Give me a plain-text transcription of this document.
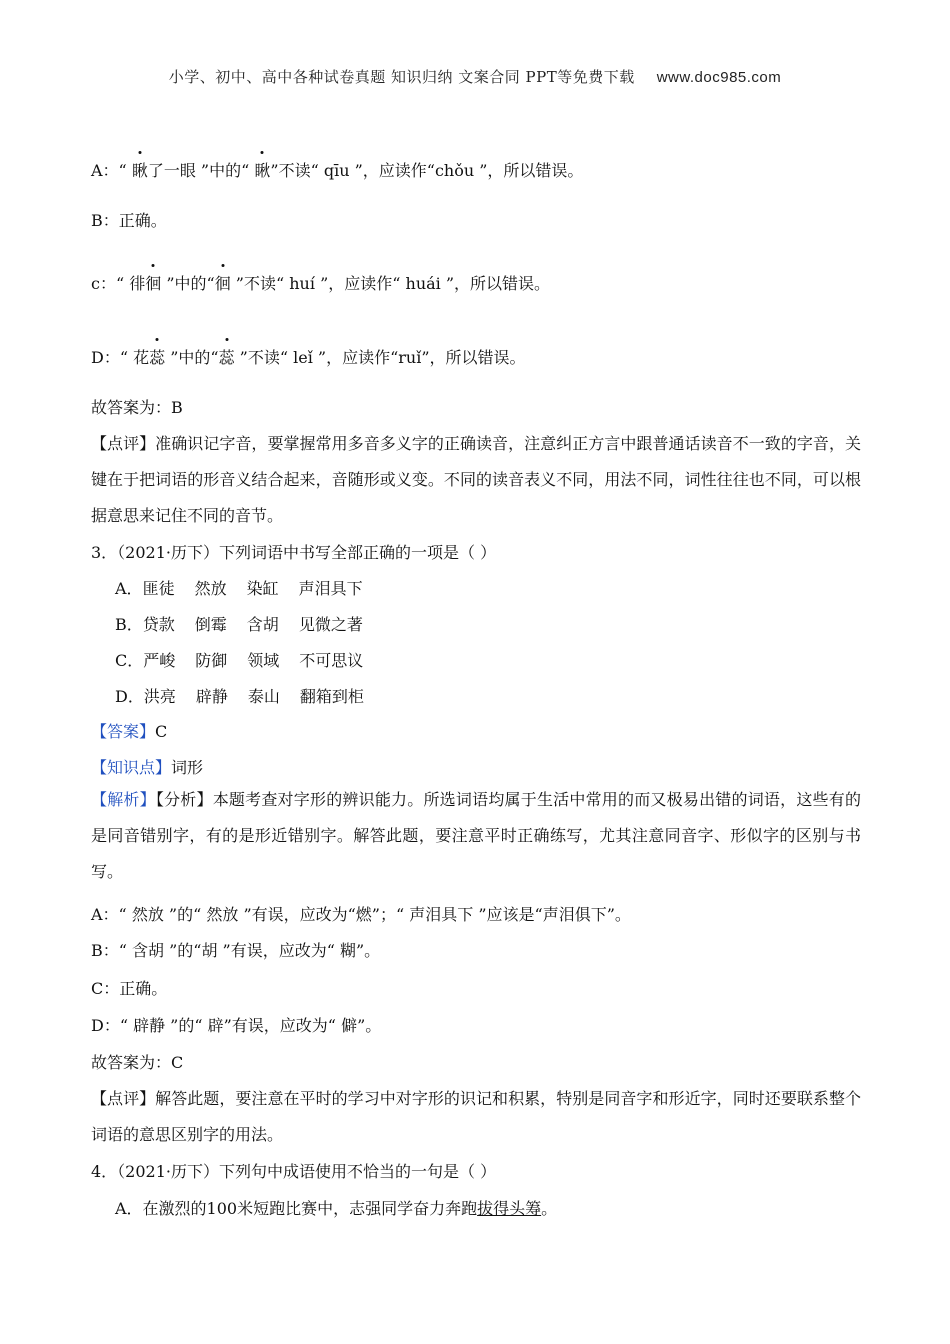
小学、初中、高中各种试卷真题 知识归纳 文案合同 PPT等免费下载 www.doc985.com
A：“ 瞅了一眼 ”中的“ 瞅”不读“ qīu ”，应读作“chǒu ”，所以错误。
B：正确。
c：“ 徘徊 ”中的“徊 ”不读“ huí ”，应读作“ huái ”，所以错误。
D：“ 花蕊 ”中的“蕊 ”不读“ leǐ ”，应读作“ruǐ”，所以错误。
故答案为：B
【点评】准确识记字音，要掌握常用多音多义字的正确读音，注意纠正方言中跟普通话读音不一致的字音，关键在于把词语的形音义结合起来，音随形或义变。不同的读音表义不同，用法不同，词性往往也不同，可以根据意思来记住不同的音节。
3．（2021·历下）下列词语中书写全部正确的一项是（ ）
A．匪徒 然放 染缸 声泪具下
B．贷款 倒霉 含胡 见微之著
C．严峻 防御 领域 不可思议
D．洪亮 辟静 泰山 翻箱到柜
【答案】C
【知识点】词形
【解析】【分析】本题考查对字形的辨识能力。所选词语均属于生活中常用的而又极易出错的词语，这些有的是同音错别字，有的是形近错别字。解答此题，要注意平时正确练写，尤其注意同音字、形似字的区别与书写。
A：“ 然放 ”的“ 然放 ”有误，应改为“燃”；“ 声泪具下 ”应该是“声泪俱下”。
B：“ 含胡 ”的“胡 ”有误，应改为“ 糊”。
C：正确。
D：“ 辟静 ”的“ 辟”有误，应改为“ 僻”。
故答案为：C
【点评】解答此题，要注意在平时的学习中对字形的识记和积累，特别是同音字和形近字，同时还要联系整个词语的意思区别字的用法。
4．（2021·历下）下列句中成语使用不恰当的一句是（ ）
A．在激烈的100米短跑比赛中，志强同学奋力奔跑拔得头筹。
